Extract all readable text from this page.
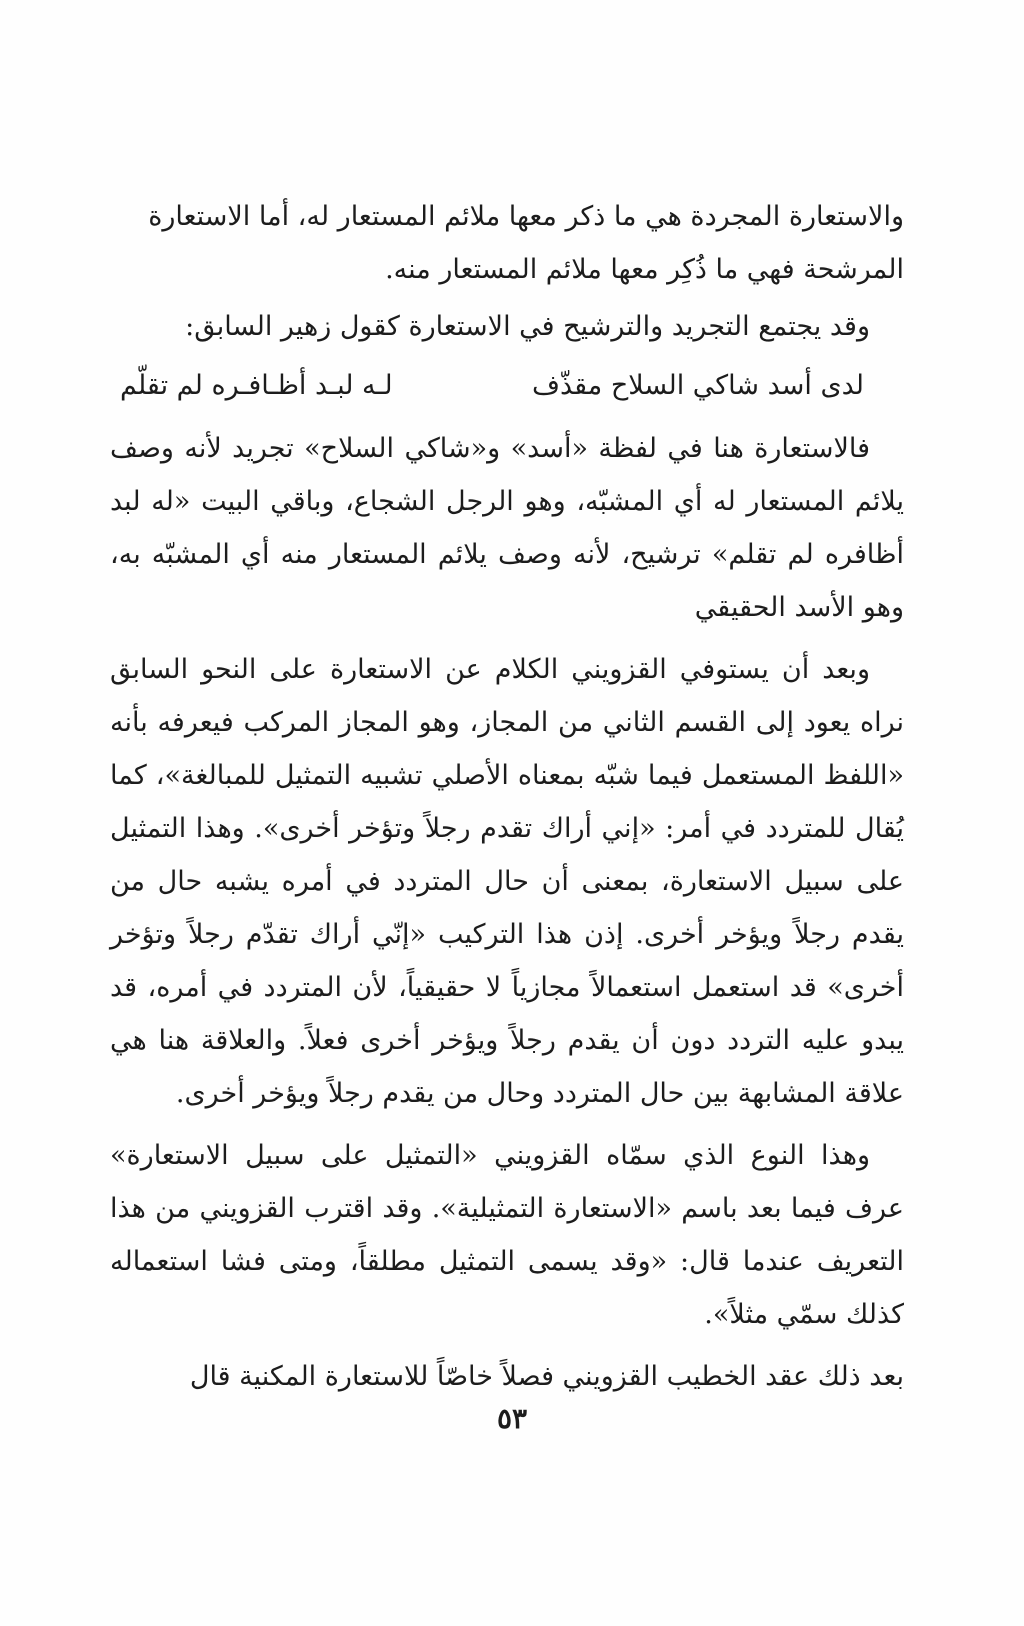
والاستعارة المجردة هي ما ذكر معها ملائم المستعار له، أما الاستعارة المرشحة فهي ما ذُكِر معها ملائم المستعار منه.

وقد يجتمع التجريد والترشيح في الاستعارة كقول زهير السابق:

لدى أسد شاكي السلاح مقذّف
لـه لبـد أظـافـره لم تقلّم

فالاستعارة هنا في لفظة «أسد» و«شاكي السلاح» تجريد لأنه وصف يلائم المستعار له أي المشبّه، وهو الرجل الشجاع، وباقي البيت «له لبد أظافره لم تقلم» ترشيح، لأنه وصف يلائم المستعار منه أي المشبّه به، وهو الأسد الحقيقي

وبعد أن يستوفي القزويني الكلام عن الاستعارة على النحو السابق نراه يعود إلى القسم الثاني من المجاز، وهو المجاز المركب فيعرفه بأنه «اللفظ المستعمل فيما شبّه بمعناه الأصلي تشبيه التمثيل للمبالغة»، كما يُقال للمتردد في أمر: «إني أراك تقدم رجلاً وتؤخر أخرى». وهذا التمثيل على سبيل الاستعارة، بمعنى أن حال المتردد في أمره يشبه حال من يقدم رجلاً ويؤخر أخرى. إذن هذا التركيب «إنّي أراك تقدّم رجلاً وتؤخر أخرى» قد استعمل استعمالاً مجازياً لا حقيقياً، لأن المتردد في أمره، قد يبدو عليه التردد دون أن يقدم رجلاً ويؤخر أخرى فعلاً. والعلاقة هنا هي علاقة المشابهة بين حال المتردد وحال من يقدم رجلاً ويؤخر أخرى.

وهذا النوع الذي سمّاه القزويني «التمثيل على سبيل الاستعارة» عرف فيما بعد باسم «الاستعارة التمثيلية». وقد اقترب القزويني من هذا التعريف عندما قال: «وقد يسمى التمثيل مطلقاً، ومتى فشا استعماله كذلك سمّي مثلاً».

بعد ذلك عقد الخطيب القزويني فصلاً خاصّاً للاستعارة المكنية قال

٥٣
